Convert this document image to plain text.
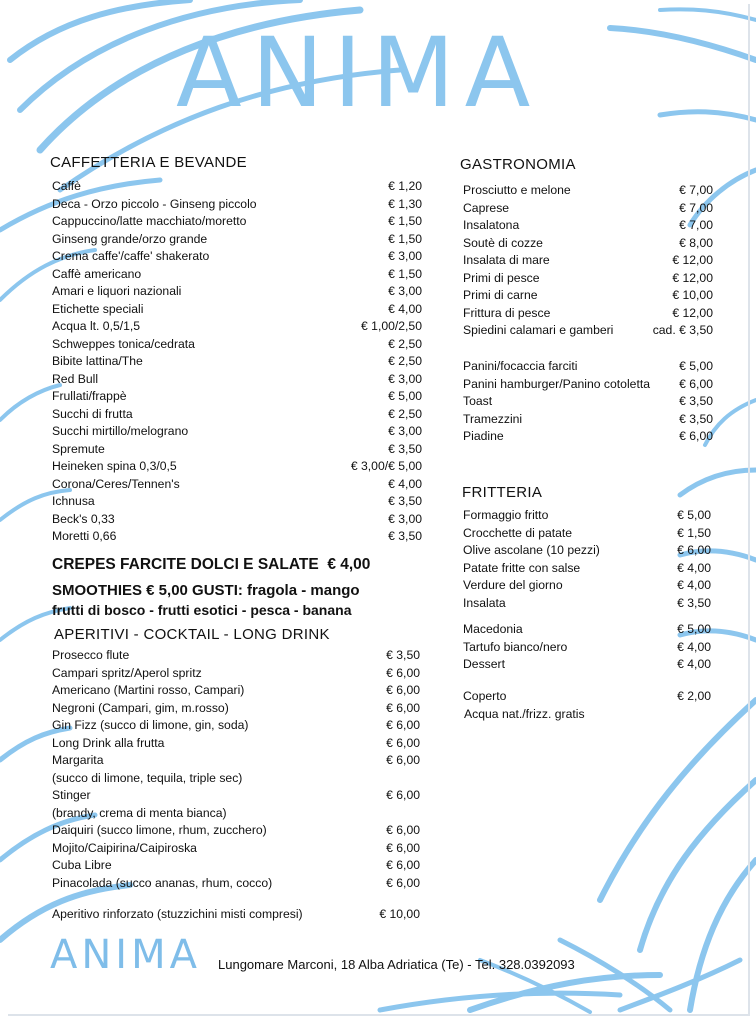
ANIMA
CAFFETTERIA E BEVANDE
Caffè	€ 1,20
Deca - Orzo piccolo - Ginseng piccolo	€ 1,30
Cappuccino/latte macchiato/moretto	€ 1,50
Ginseng grande/orzo grande	€ 1,50
Crema caffe'/caffe' shakerato	€ 3,00
Caffè americano	€ 1,50
Amari e liquori nazionali	€ 3,00
Etichette speciali	€ 4,00
Acqua lt. 0,5/1,5	€ 1,00/2,50
Schweppes tonica/cedrata	€ 2,50
Bibite lattina/The	€ 2,50
Red Bull	€ 3,00
Frullati/frappè	€ 5,00
Succhi di frutta	€ 2,50
Succhi mirtillo/melograno	€ 3,00
Spremute	€ 3,50
Heineken spina 0,3/0,5	€ 3,00/€ 5,00
Corona/Ceres/Tennen's	€ 4,00
Ichnusa	€ 3,50
Beck's 0,33	€ 3,00
Moretti 0,66	€ 3,50

CREPES FARCITE DOLCI E SALATE € 4,00

SMOOTHIES € 5,00 GUSTI: fragola - mango

frutti di bosco - frutti esotici - pesca - banana

APERITIVI - COCKTAIL - LONG DRINK
Prosecco flute	€ 3,50
Campari spritz/Aperol spritz	€ 6,00
Americano (Martini rosso, Campari)	€ 6,00
Negroni (Campari, gim, m.rosso)	€ 6,00
Gin Fizz (succo di limone, gin, soda)	€ 6,00
Long Drink alla frutta	€ 6,00
Margarita
(succo di limone, tequila, triple sec)
€ 6,00
Stinger
(brandy, crema di menta bianca)
€ 6,00
Daiquiri (succo limone, rhum, zucchero)	€ 6,00
Mojito/Caipirina/Caipiroska	€ 6,00
Cuba Libre	€ 6,00
Pinacolada (succo ananas, rhum, cocco)	€ 6,00
Aperitivo rinforzato (stuzzichini misti compresi)	€ 10,00
GASTRONOMIA
Prosciutto e melone	€ 7,00
Caprese	€ 7,00
Insalatona	€ 7,00
Soutè di cozze	€ 8,00
Insalata di mare	€ 12,00
Primi di pesce	€ 12,00
Primi di carne	€ 10,00
Frittura di pesce	€ 12,00
Spiedini calamari e gamberi	cad. € 3,50
Panini/focaccia farciti	€ 5,00
Panini hamburger/Panino cotoletta € 6,00
Toast	€ 3,50
Tramezzini	€ 3,50
Piadine	€ 6,00
FRITTERIA
Formaggio fritto	€ 5,00
Crocchette di patate	€ 1,50
Olive ascolane (10 pezzi)	€ 6,00
Patate fritte con salse	€ 4,00
Verdure del giorno	€ 4,00
Insalata	€ 3,50
Macedonia	€ 5,00
Tartufo bianco/nero	€ 4,00
Dessert	€ 4,00
Coperto	€ 2,00
Acqua nat./frizz. gratis
ANIMA Lungomare Marconi, 18 Alba Adriatica (Te) - Tel. 328.0392093
